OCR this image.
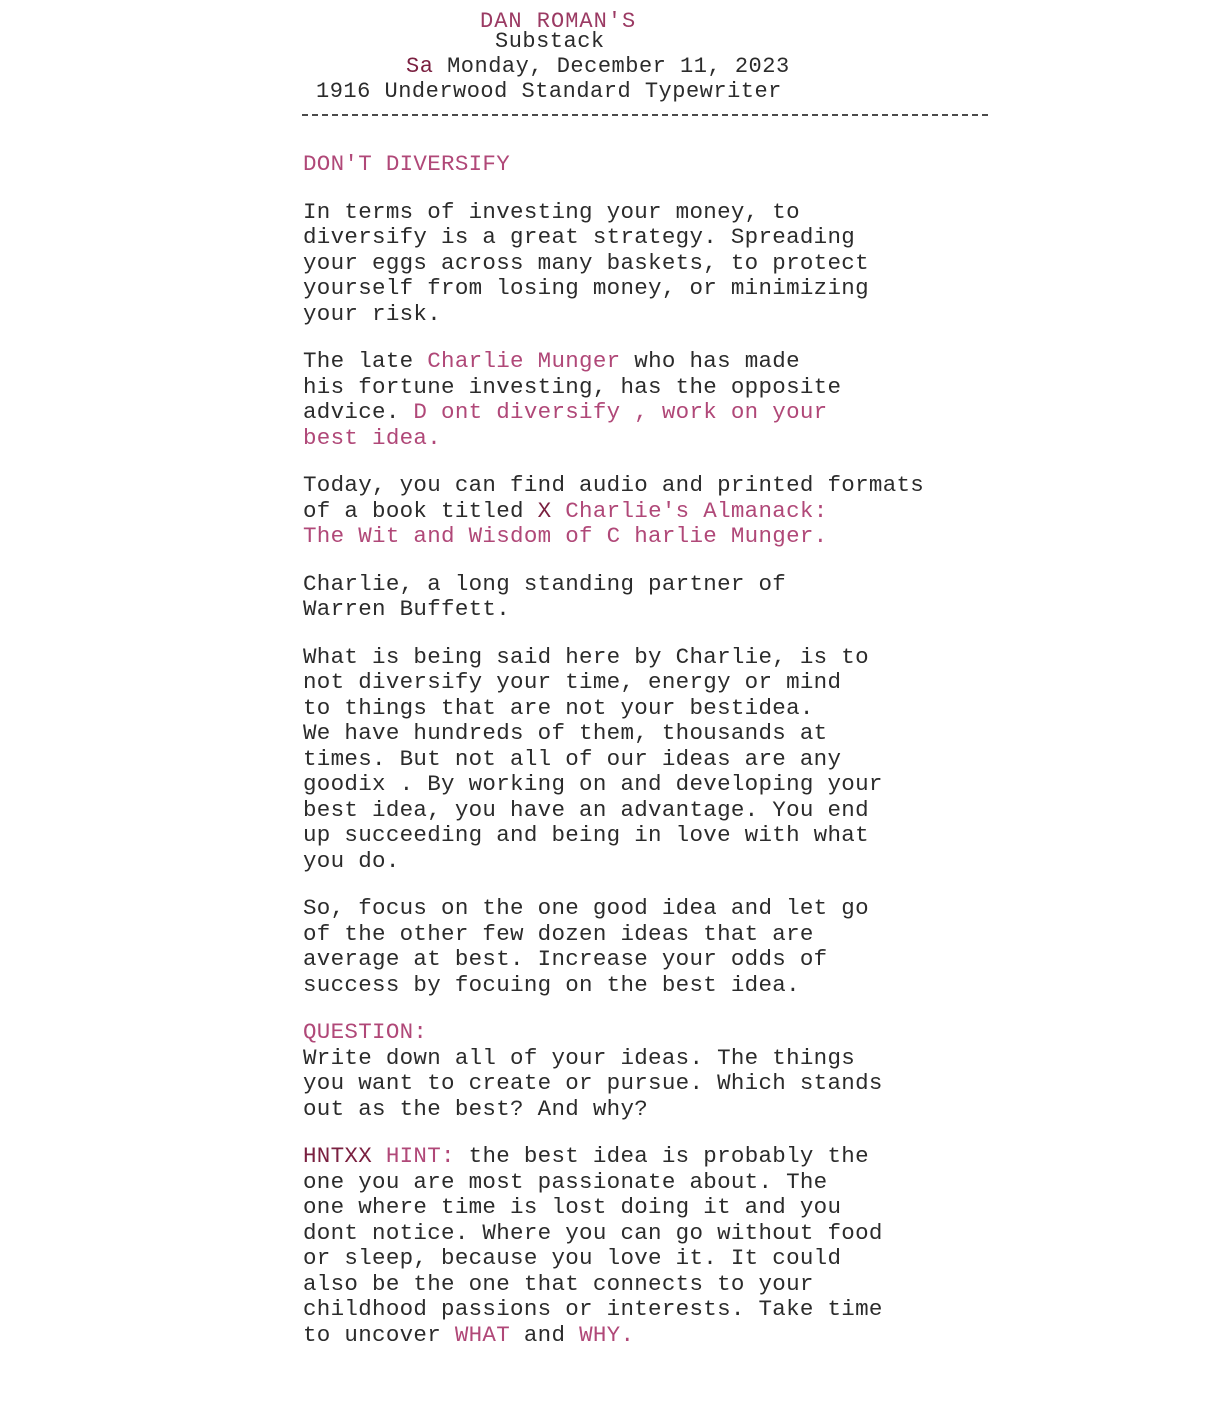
DAN ROMAN'S
Substack
Sa Monday, December 11, 2023
1916 Underwood Standard Typewriter

DON'T DIVERSIFY

In terms of investing your money, to
diversify is a great strategy. Spreading
your eggs across many baskets, to protect
yourself from losing money, or minimizing
your risk.

The late Charlie Munger who has made
his fortune investing, has the opposite
advice. D ont diversify , work on your
best idea.

Today, you can find audio and printed formats
of a book titled X Charlie's Almanack:
The Wit and Wisdom of C harlie Munger.

Charlie, a long standing partner of
Warren Buffett.

What is being said here by Charlie, is to
not diversify your time, energy or mind
to things that are not your bestidea.
We have hundreds of them, thousands at
times. But not all of our ideas are any
goodix . By working on and developing your
best idea, you have an advantage. You end
up succeeding and being in love with what
you do.

So, focus on the one good idea and let go
of the other few dozen ideas that are
average at best. Increase your odds of
success by focuing on the best idea.

QUESTION:
Write down all of your ideas. The things
you want to create or pursue. Which stands
out as the best? And why?

HNTXX HINT: the best idea is probably the
one you are most passionate about. The
one where time is lost doing it and you
dont notice. Where you can go without food
or sleep, because you love it. It could
also be the one that connects to your
childhood passions or interests. Take time
to uncover WHAT and WHY.
